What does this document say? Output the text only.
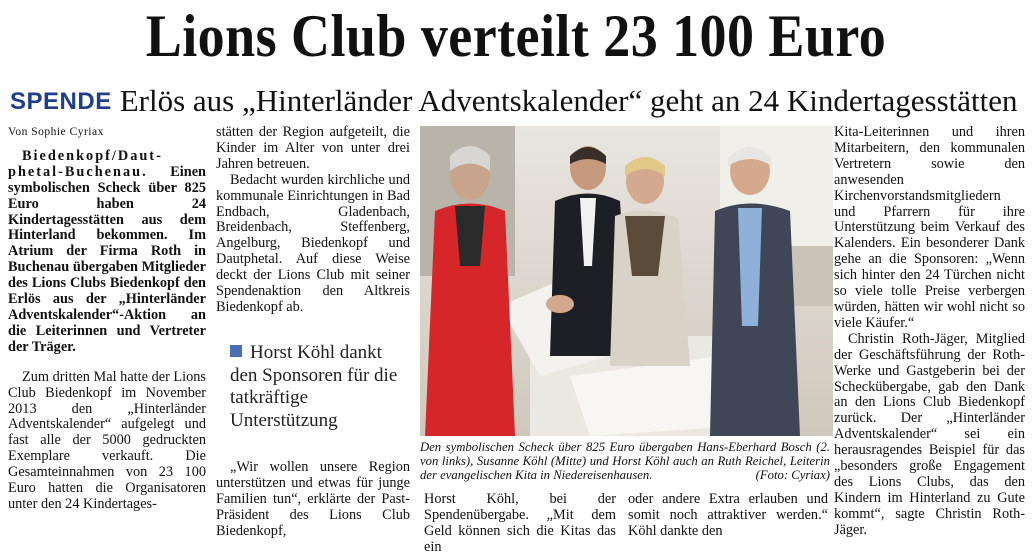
Lions Club verteilt 23 100 Euro
SPENDE Erlös aus „Hinterländer Adventskalender“ geht an 24 Kindertagesstätten

Von Sophie Cyriax

Biedenkopf/Daut-phetal-Buchenau. Einen symbolischen Scheck über 825 Euro haben 24 Kindertagesstätten aus dem Hinterland bekommen. Im Atrium der Firma Roth in Buchenau übergaben Mitglieder des Lions Clubs Biedenkopf den Erlös aus der „Hinterländer Adventskalender“-Aktion an die Leiterinnen und Vertreter der Träger.

Zum dritten Mal hatte der Lions Club Biedenkopf im November 2013 den „Hinterländer Adventskalender“ aufgelegt und fast alle der 5000 gedruckten Exemplare verkauft. Die Gesamteinnahmen von 23 100 Euro hatten die Organisatoren unter den 24 Kindertages-

stätten der Region aufgeteilt, die Kinder im Alter von unter drei Jahren betreuen.

Bedacht wurden kirchliche und kommunale Einrichtungen in Bad Endbach, Gladenbach, Breidenbach, Steffenberg, Angelburg, Biedenkopf und Dautphetal. Auf diese Weise deckt der Lions Club mit seiner Spendenaktion den Altkreis Biedenkopf ab.

Horst Köhl dankt den Sponsoren für die tatkräftige Unterstützung

„Wir wollen unsere Region unterstützen und etwas für junge Familien tun“, erklärte der Past-Präsident des Lions Club Biedenkopf,

Den symbolischen Scheck über 825 Euro übergaben Hans-Eberhard Bosch (2. von links), Susanne Köhl (Mitte) und Horst Köhl auch an Ruth Reichel, Leiterin der evangelischen Kita in Niedereisenhausen.	(Foto: Cyriax)

Horst Köhl, bei der Spendenübergabe. „Mit dem Geld können sich die Kitas das ein

oder andere Extra erlauben und somit noch attraktiver werden.“ Köhl dankte den

Kita-Leiterinnen und ihren Mitarbeitern, den kommunalen Vertretern sowie den anwesenden Kirchenvorstandsmitgliedern und Pfarrern für ihre Unterstützung beim Verkauf des Kalenders. Ein besonderer Dank gehe an die Sponsoren: „Wenn sich hinter den 24 Türchen nicht so viele tolle Preise verbergen würden, hätten wir wohl nicht so viele Käufer.“

Christin Roth-Jäger, Mitglied der Geschäftsführung der Roth-Werke und Gastgeberin bei der Scheckübergabe, gab den Dank an den Lions Club Biedenkopf zurück. Der „Hinterländer Adventskalender“ sei ein herausragendes Beispiel für das „besonders große Engagement des Lions Clubs, das den Kindern im Hinterland zu Gute kommt“, sagte Christin Roth-Jäger.
